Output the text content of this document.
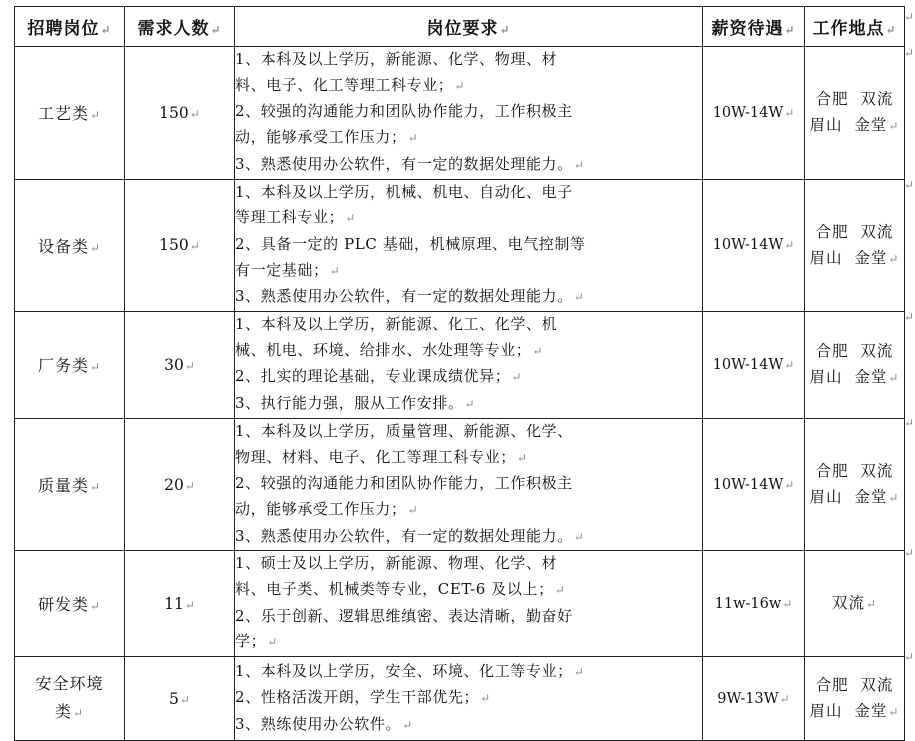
招聘岗位↵	需求人数↵	岗位要求↵	薪资待遇↵	工作地点↵
工艺类↵	150↵	1、本科及以上学历，新能源、化学、物理、材
料、电子、化工等理工科专业；↵
2、较强的沟通能力和团队协作能力，工作积极主
动，能够承受工作压力；↵
3、熟悉使用办公软件，有一定的数据处理能力。↵	10W-14W↵	合肥  双流
眉山  金堂↵

设备类↵	150↵	1、本科及以上学历，机械、机电、自动化、电子
等理工科专业；↵
2、具备一定的 PLC 基础，机械原理、电气控制等
有一定基础；↵
3、熟悉使用办公软件，有一定的数据处理能力。↵	10W-14W↵	合肥  双流
眉山  金堂↵

厂务类↵	30↵	1、本科及以上学历，新能源、化工、化学、机
械、机电、环境、给排水、水处理等专业；↵
2、扎实的理论基础，专业课成绩优异；↵
3、执行能力强，服从工作安排。↵	10W-14W↵	合肥  双流
眉山  金堂↵

质量类↵	20↵	1、本科及以上学历，质量管理、新能源、化学、
物理、材料、电子、化工等理工科专业；↵
2、较强的沟通能力和团队协作能力，工作积极主
动，能够承受工作压力；↵
3、熟悉使用办公软件，有一定的数据处理能力。↵	10W-14W↵	合肥  双流
眉山  金堂↵

研发类↵	11↵	1、硕士及以上学历，新能源、物理、化学、材
料、电子类、机械类等专业，CET-6 及以上；↵
2、乐于创新、逻辑思维缜密、表达清晰，勤奋好
学；↵	11w-16w↵	双流↵

安全环境类↵	5↵	1、本科及以上学历，安全、环境、化工等专业；↵
2、性格活泼开朗，学生干部优先；↵
3、熟练使用办公软件。↵	9W-13W↵	合肥  双流
眉山  金堂↵
↵
↵
↵
↵
↵
↵
↵
